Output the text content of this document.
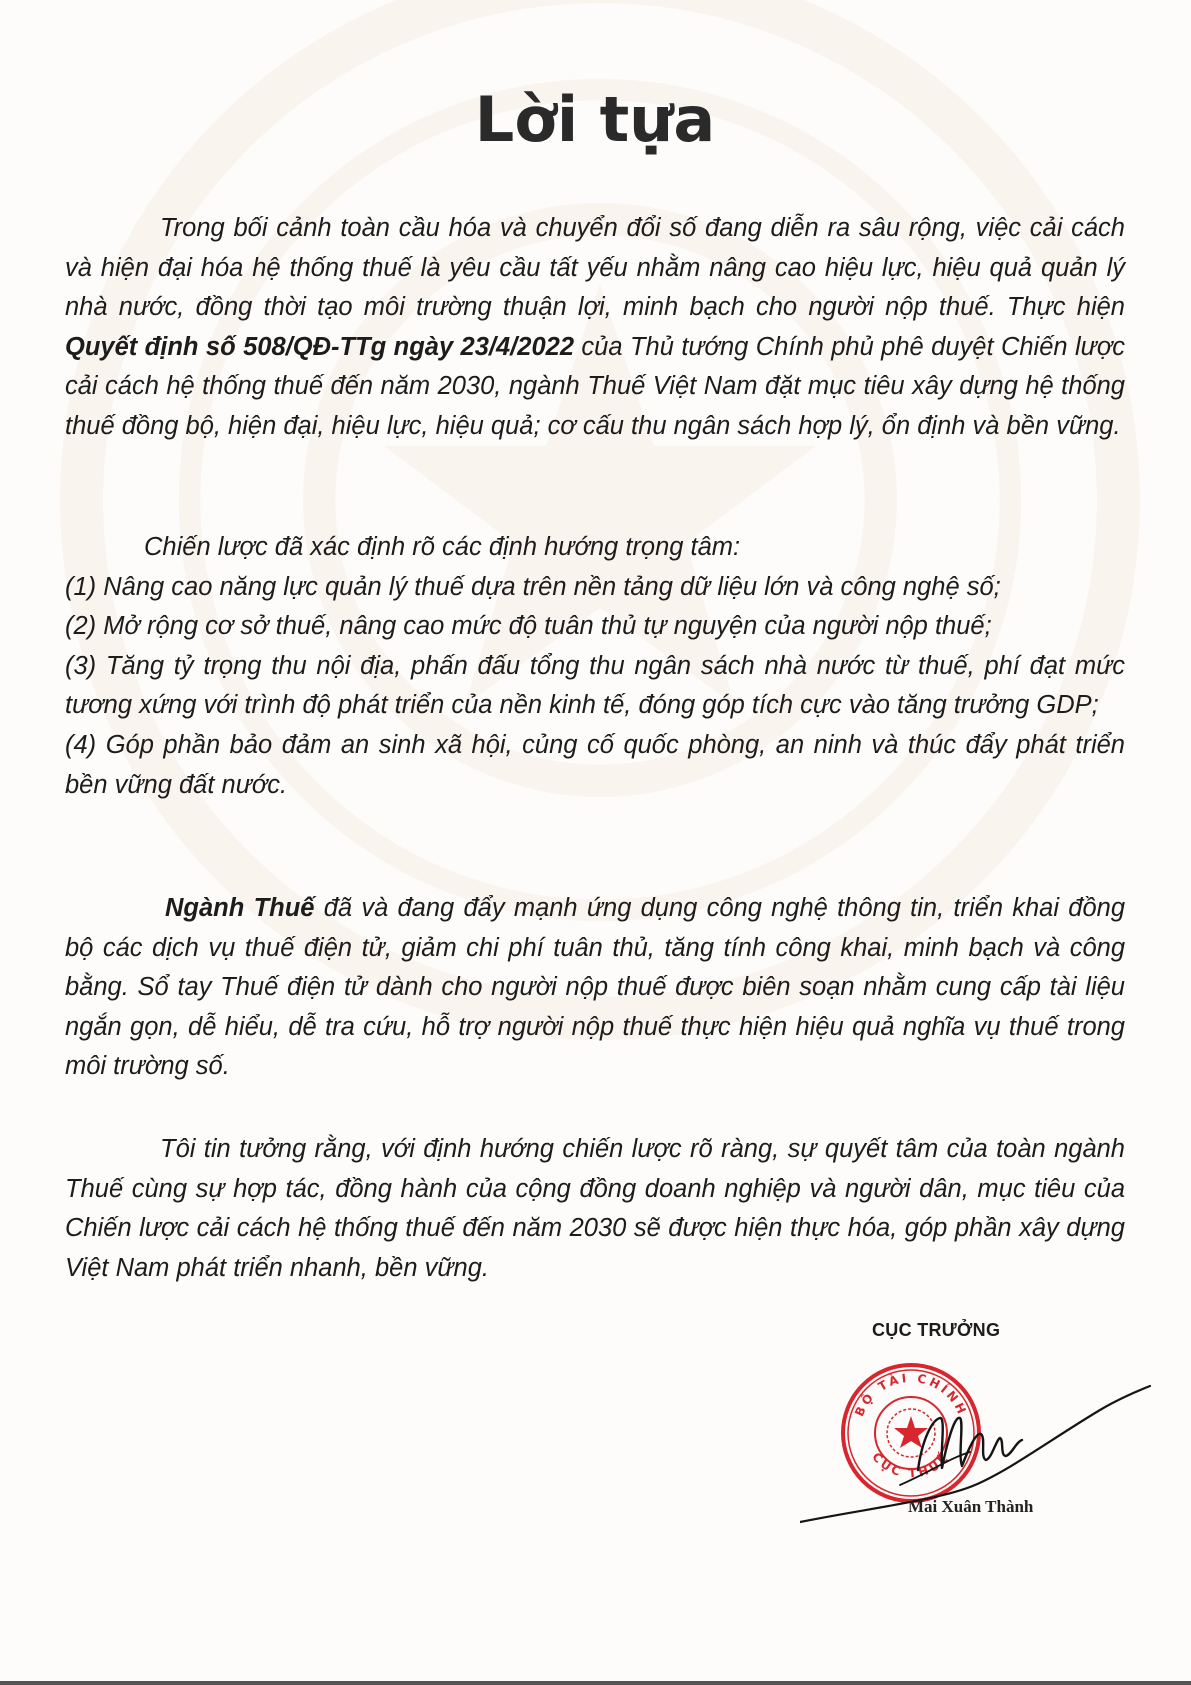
Lời tựa

Trong bối cảnh toàn cầu hóa và chuyển đổi số đang diễn ra sâu rộng, việc cải cách và hiện đại hóa hệ thống thuế là yêu cầu tất yếu nhằm nâng cao hiệu lực, hiệu quả quản lý nhà nước, đồng thời tạo môi trường thuận lợi, minh bạch cho người nộp thuế. Thực hiện Quyết định số 508/QĐ-TTg ngày 23/4/2022 của Thủ tướng Chính phủ phê duyệt Chiến lược cải cách hệ thống thuế đến năm 2030, ngành Thuế Việt Nam đặt mục tiêu xây dựng hệ thống thuế đồng bộ, hiện đại, hiệu lực, hiệu quả; cơ cấu thu ngân sách hợp lý, ổn định và bền vững.

Chiến lược đã xác định rõ các định hướng trọng tâm:
(1) Nâng cao năng lực quản lý thuế dựa trên nền tảng dữ liệu lớn và công nghệ số;
(2) Mở rộng cơ sở thuế, nâng cao mức độ tuân thủ tự nguyện của người nộp thuế;
(3) Tăng tỷ trọng thu nội địa, phấn đấu tổng thu ngân sách nhà nước từ thuế, phí đạt mức tương xứng với trình độ phát triển của nền kinh tế, đóng góp tích cực vào tăng trưởng GDP;
(4) Góp phần bảo đảm an sinh xã hội, củng cố quốc phòng, an ninh và thúc đẩy phát triển bền vững đất nước.

Ngành Thuế đã và đang đẩy mạnh ứng dụng công nghệ thông tin, triển khai đồng bộ các dịch vụ thuế điện tử, giảm chi phí tuân thủ, tăng tính công khai, minh bạch và công bằng. Sổ tay Thuế điện tử dành cho người nộp thuế được biên soạn nhằm cung cấp tài liệu ngắn gọn, dễ hiểu, dễ tra cứu, hỗ trợ người nộp thuế thực hiện hiệu quả nghĩa vụ thuế trong môi trường số.

Tôi tin tưởng rằng, với định hướng chiến lược rõ ràng, sự quyết tâm của toàn ngành Thuế cùng sự hợp tác, đồng hành của cộng đồng doanh nghiệp và người dân, mục tiêu của Chiến lược cải cách hệ thống thuế đến năm 2030 sẽ được hiện thực hóa, góp phần xây dựng Việt Nam phát triển nhanh, bền vững.

CỤC TRƯỞNG

BỘ TÀI CHÍNH
CỤC THUẾ
Mai Xuân Thành
